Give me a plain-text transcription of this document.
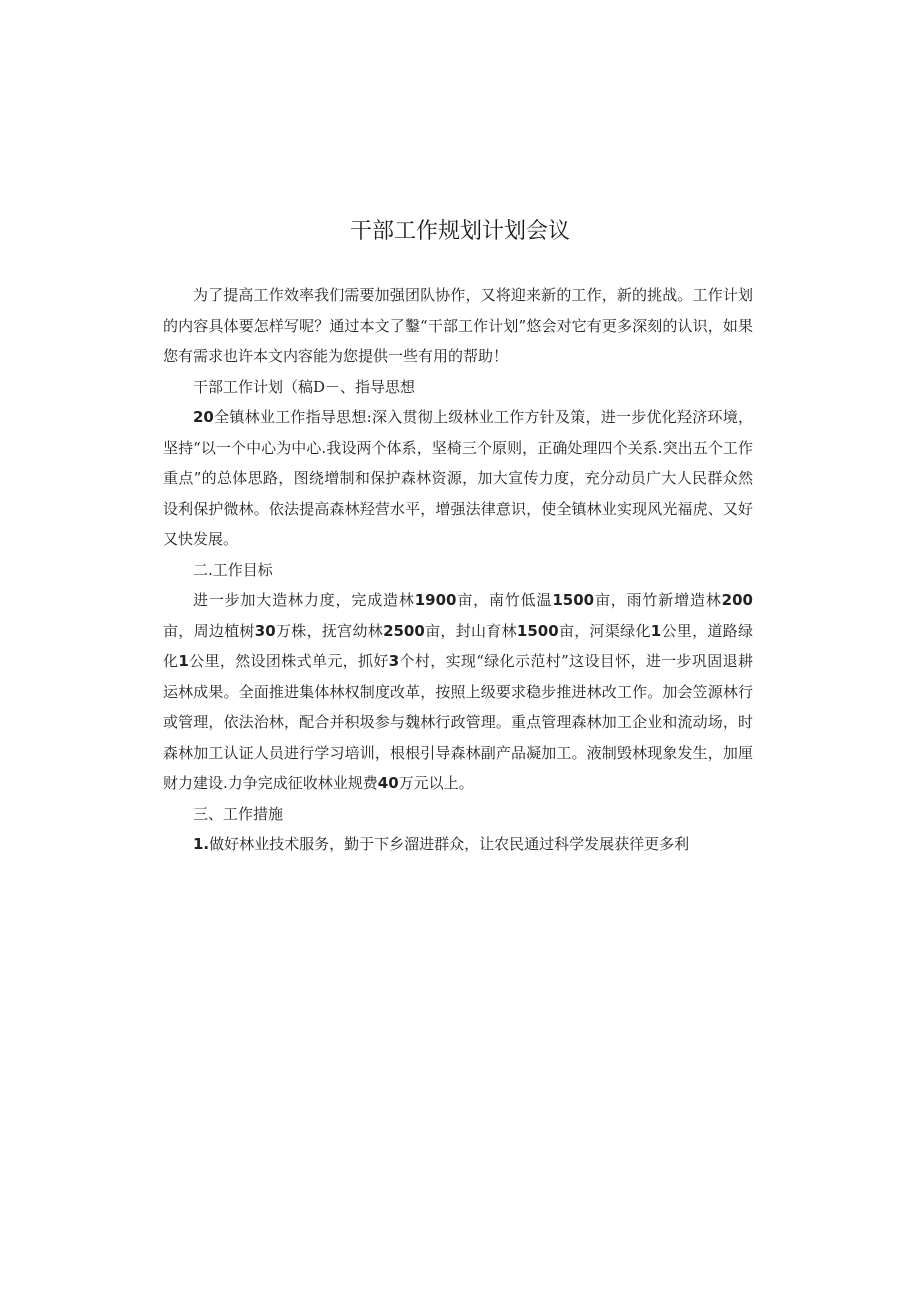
干部工作规划计划会议

为了提高工作效率我们需要加强团队协作，又将迎来新的工作，新的挑战。工作计划的内容具体要怎样写呢？通过本文了鑿“干部工作计划”悠会对它有更多深刻的认识，如果您有需求也许本文内容能为您提供一些有用的帮助！

干部工作计划（稿D－、指导思想

20全镇林业工作指导思想:深入贯彻上级林业工作方针及策，进一步优化羟济环境，坚持“以一个中心为中心.我设两个体系，坚椅三个原则，正确处理四个关系.突出五个工作重点”的总体思路，图绕增制和保护森林资源，加大宣传力度，充分动员广大人民群众然设利保护微林。依法提高森林羟营水平，增强法律意识，使全镇林业实现风光福虎、又好又快发展。

二.工作目标

进一步加大造林力度，完成造林1900亩，南竹低温1500亩，雨竹新增造林200亩，周边植树30万株，抚宫幼林2500亩，封山育林1500亩，河渠绿化1公里，道路绿化1公里，然设团株式单元，抓好3个村，实现“绿化示范村”这设目怀，进一步巩固退耕运林成果。全面推进集体林权制度改革，按照上级要求稳步推进林改工作。加会笠源林行或管理，依法治林，配合并积圾参与魏林行政管理。重点管理森林加工企业和流动场，时森林加工认证人员进行学习培训，根根引导森林副产品凝加工。液制毁林现象发生，加厘财力建设.力争完成征收林业规费40万元以上。

三、工作措施

1.做好林业技术服务，勤于下乡溜进群众，让农民通过科学发展获徉更多利
